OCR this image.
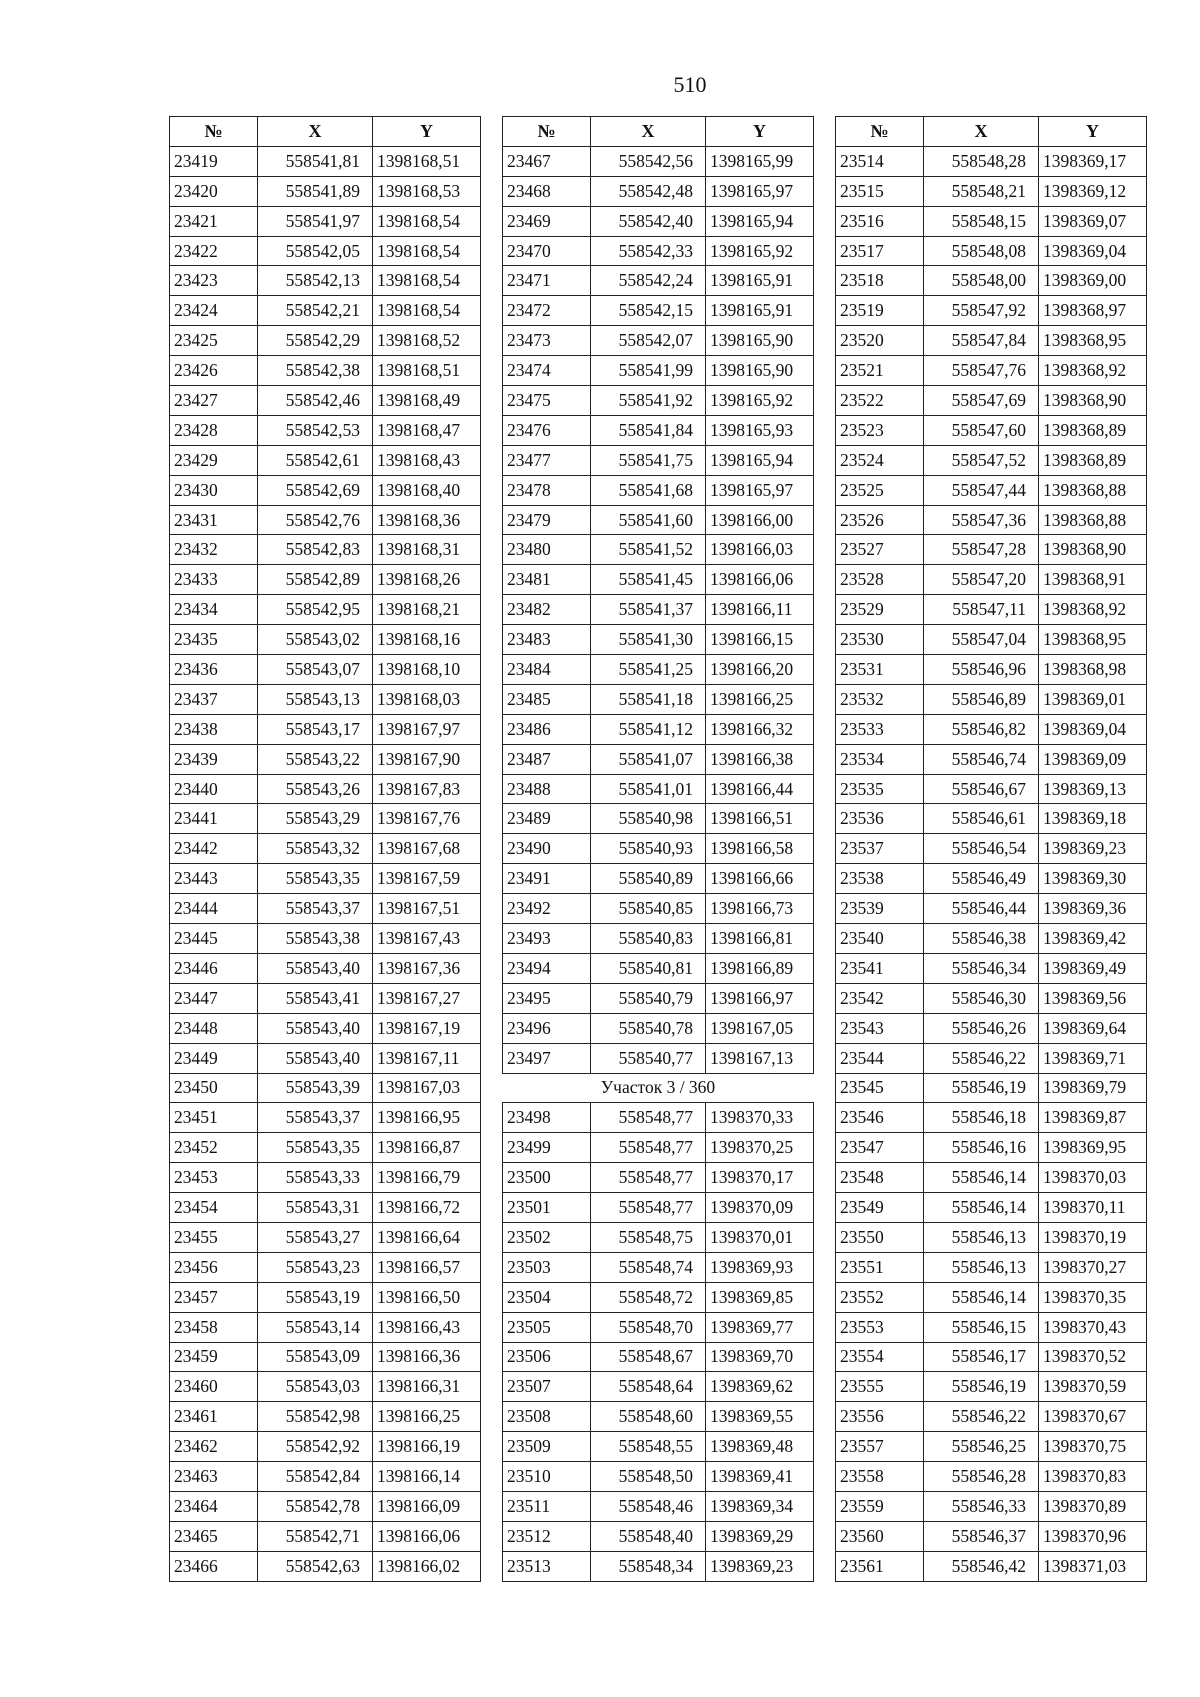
510
№	X	Y
23419	558541,81	1398168,51
23420	558541,89	1398168,53
23421	558541,97	1398168,54
23422	558542,05	1398168,54
23423	558542,13	1398168,54
23424	558542,21	1398168,54
23425	558542,29	1398168,52
23426	558542,38	1398168,51
23427	558542,46	1398168,49
23428	558542,53	1398168,47
23429	558542,61	1398168,43
23430	558542,69	1398168,40
23431	558542,76	1398168,36
23432	558542,83	1398168,31
23433	558542,89	1398168,26
23434	558542,95	1398168,21
23435	558543,02	1398168,16
23436	558543,07	1398168,10
23437	558543,13	1398168,03
23438	558543,17	1398167,97
23439	558543,22	1398167,90
23440	558543,26	1398167,83
23441	558543,29	1398167,76
23442	558543,32	1398167,68
23443	558543,35	1398167,59
23444	558543,37	1398167,51
23445	558543,38	1398167,43
23446	558543,40	1398167,36
23447	558543,41	1398167,27
23448	558543,40	1398167,19
23449	558543,40	1398167,11
23450	558543,39	1398167,03
23451	558543,37	1398166,95
23452	558543,35	1398166,87
23453	558543,33	1398166,79
23454	558543,31	1398166,72
23455	558543,27	1398166,64
23456	558543,23	1398166,57
23457	558543,19	1398166,50
23458	558543,14	1398166,43
23459	558543,09	1398166,36
23460	558543,03	1398166,31
23461	558542,98	1398166,25
23462	558542,92	1398166,19
23463	558542,84	1398166,14
23464	558542,78	1398166,09
23465	558542,71	1398166,06
23466	558542,63	1398166,02
№	X	Y
23467	558542,56	1398165,99
23468	558542,48	1398165,97
23469	558542,40	1398165,94
23470	558542,33	1398165,92
23471	558542,24	1398165,91
23472	558542,15	1398165,91
23473	558542,07	1398165,90
23474	558541,99	1398165,90
23475	558541,92	1398165,92
23476	558541,84	1398165,93
23477	558541,75	1398165,94
23478	558541,68	1398165,97
23479	558541,60	1398166,00
23480	558541,52	1398166,03
23481	558541,45	1398166,06
23482	558541,37	1398166,11
23483	558541,30	1398166,15
23484	558541,25	1398166,20
23485	558541,18	1398166,25
23486	558541,12	1398166,32
23487	558541,07	1398166,38
23488	558541,01	1398166,44
23489	558540,98	1398166,51
23490	558540,93	1398166,58
23491	558540,89	1398166,66
23492	558540,85	1398166,73
23493	558540,83	1398166,81
23494	558540,81	1398166,89
23495	558540,79	1398166,97
23496	558540,78	1398167,05
23497	558540,77	1398167,13
Участок 3 / 360		
23498	558548,77	1398370,33
23499	558548,77	1398370,25
23500	558548,77	1398370,17
23501	558548,77	1398370,09
23502	558548,75	1398370,01
23503	558548,74	1398369,93
23504	558548,72	1398369,85
23505	558548,70	1398369,77
23506	558548,67	1398369,70
23507	558548,64	1398369,62
23508	558548,60	1398369,55
23509	558548,55	1398369,48
23510	558548,50	1398369,41
23511	558548,46	1398369,34
23512	558548,40	1398369,29
23513	558548,34	1398369,23
№	X	Y
23514	558548,28	1398369,17
23515	558548,21	1398369,12
23516	558548,15	1398369,07
23517	558548,08	1398369,04
23518	558548,00	1398369,00
23519	558547,92	1398368,97
23520	558547,84	1398368,95
23521	558547,76	1398368,92
23522	558547,69	1398368,90
23523	558547,60	1398368,89
23524	558547,52	1398368,89
23525	558547,44	1398368,88
23526	558547,36	1398368,88
23527	558547,28	1398368,90
23528	558547,20	1398368,91
23529	558547,11	1398368,92
23530	558547,04	1398368,95
23531	558546,96	1398368,98
23532	558546,89	1398369,01
23533	558546,82	1398369,04
23534	558546,74	1398369,09
23535	558546,67	1398369,13
23536	558546,61	1398369,18
23537	558546,54	1398369,23
23538	558546,49	1398369,30
23539	558546,44	1398369,36
23540	558546,38	1398369,42
23541	558546,34	1398369,49
23542	558546,30	1398369,56
23543	558546,26	1398369,64
23544	558546,22	1398369,71
23545	558546,19	1398369,79
23546	558546,18	1398369,87
23547	558546,16	1398369,95
23548	558546,14	1398370,03
23549	558546,14	1398370,11
23550	558546,13	1398370,19
23551	558546,13	1398370,27
23552	558546,14	1398370,35
23553	558546,15	1398370,43
23554	558546,17	1398370,52
23555	558546,19	1398370,59
23556	558546,22	1398370,67
23557	558546,25	1398370,75
23558	558546,28	1398370,83
23559	558546,33	1398370,89
23560	558546,37	1398370,96
23561	558546,42	1398371,03
